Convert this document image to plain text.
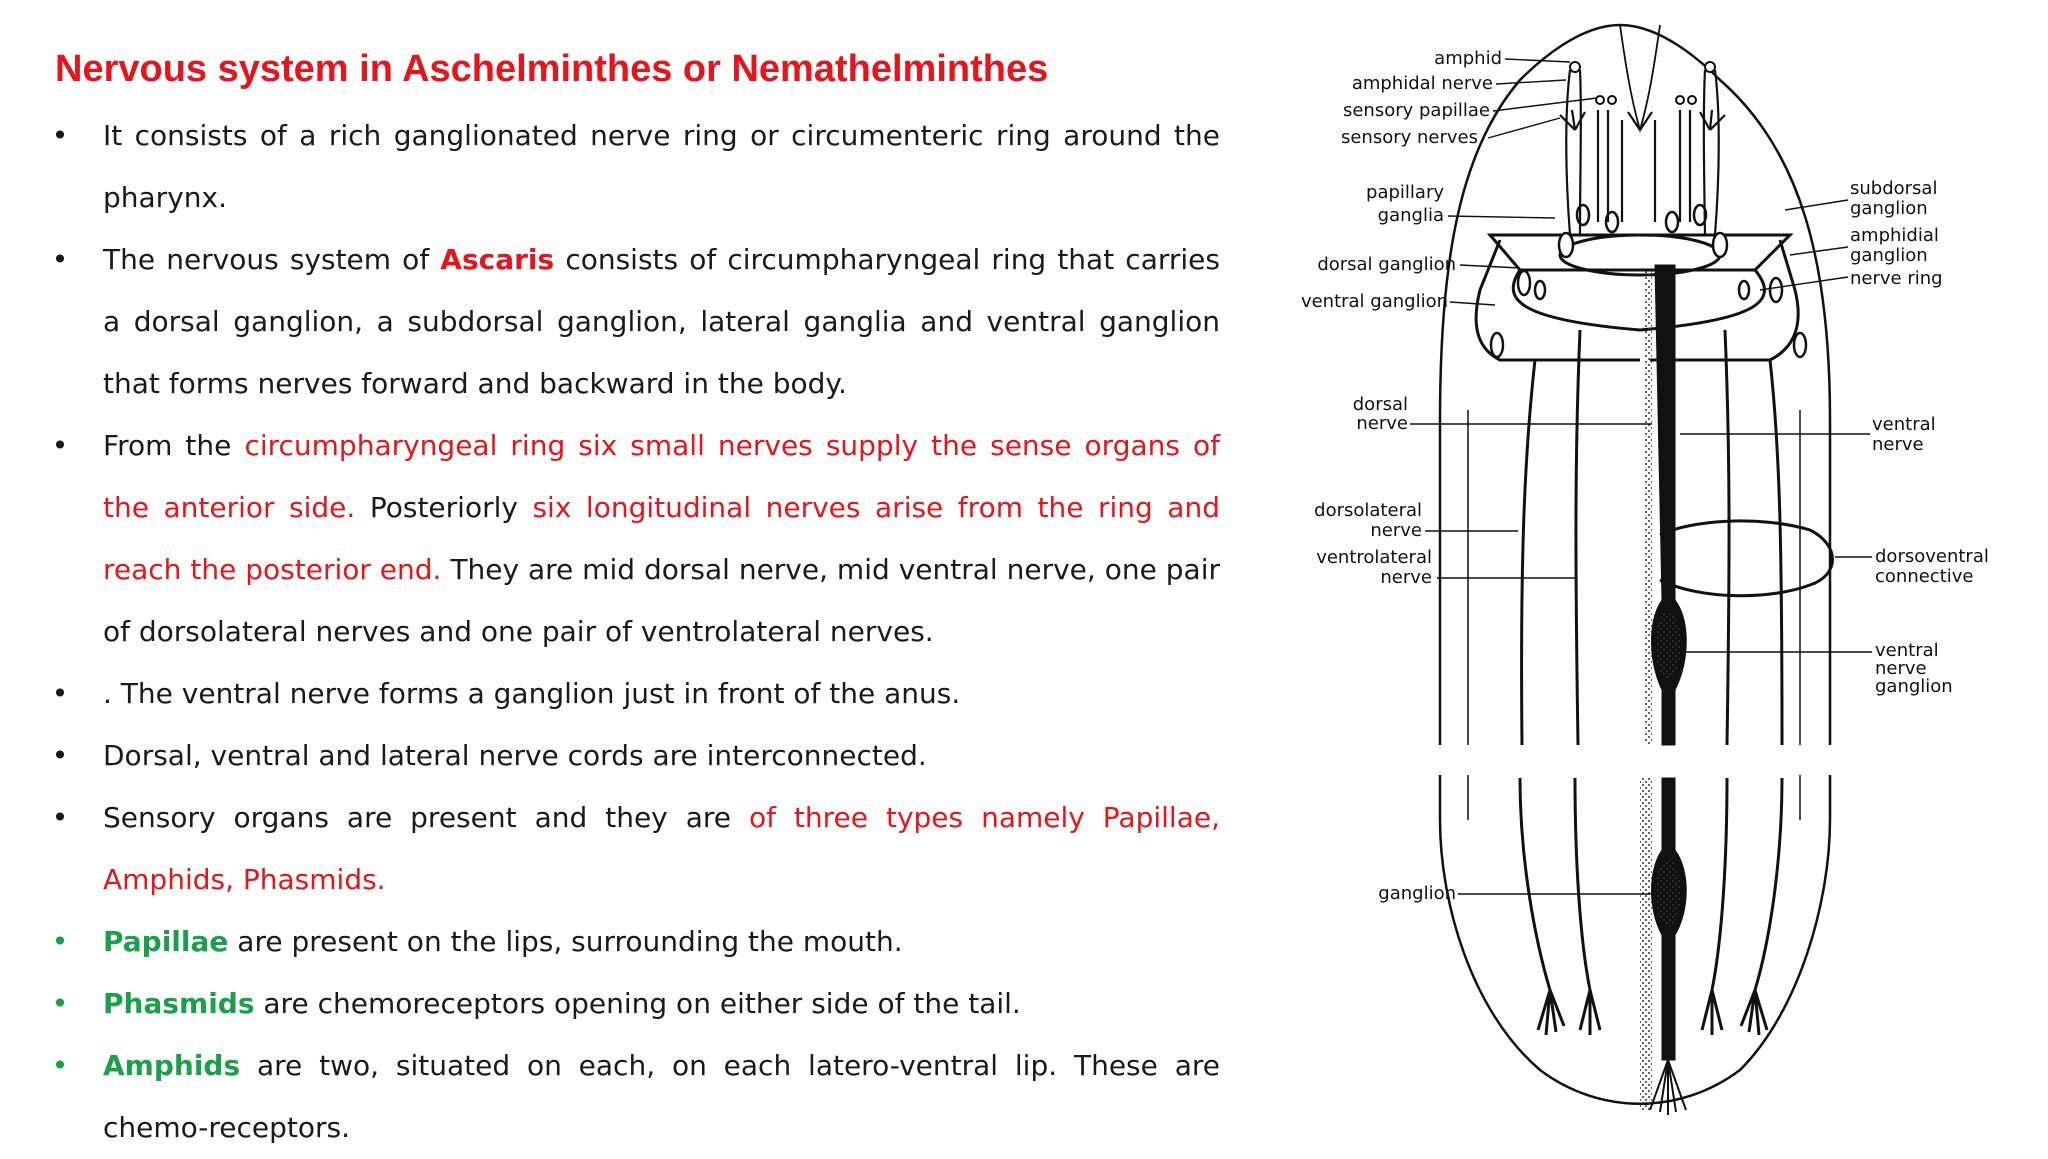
Nervous system in Aschelminthes or Nemathelminthes
• It consists of a rich ganglionated nerve ring or circumenteric ring around the pharynx.
• The nervous system of Ascaris consists of circumpharyngeal ring that carries a dorsal ganglion, a subdorsal ganglion, lateral ganglia and ventral ganglion that forms nerves forward and backward in the body.
• From the circumpharyngeal ring six small nerves supply the sense organs of the anterior side. Posteriorly six longitudinal nerves arise from the ring and reach the posterior end. They are mid dorsal nerve, mid ventral nerve, one pair of dorsolateral nerves and one pair of ventrolateral nerves.
• . The ventral nerve forms a ganglion just in front of the anus.
• Dorsal, ventral and lateral nerve cords are interconnected.
• Sensory organs are present and they are of three types namely Papillae, Amphids, Phasmids.
• Papillae are present on the lips, surrounding the mouth.
• Phasmids are chemoreceptors opening on either side of the tail.
• Amphids are two, situated on each, on each latero-ventral lip. These are chemo-receptors.
amphid
amphidal nerve
sensory papillae
sensory nerves
papillary
ganglia
dorsal ganglion
ventral ganglion
dorsal
nerve
dorsolateral
nerve
ventrolateral
nerve
ganglion
subdorsal
ganglion
amphidial
ganglion
nerve ring
ventral
nerve
dorsoventral
connective
ventral
nerve
ganglion
